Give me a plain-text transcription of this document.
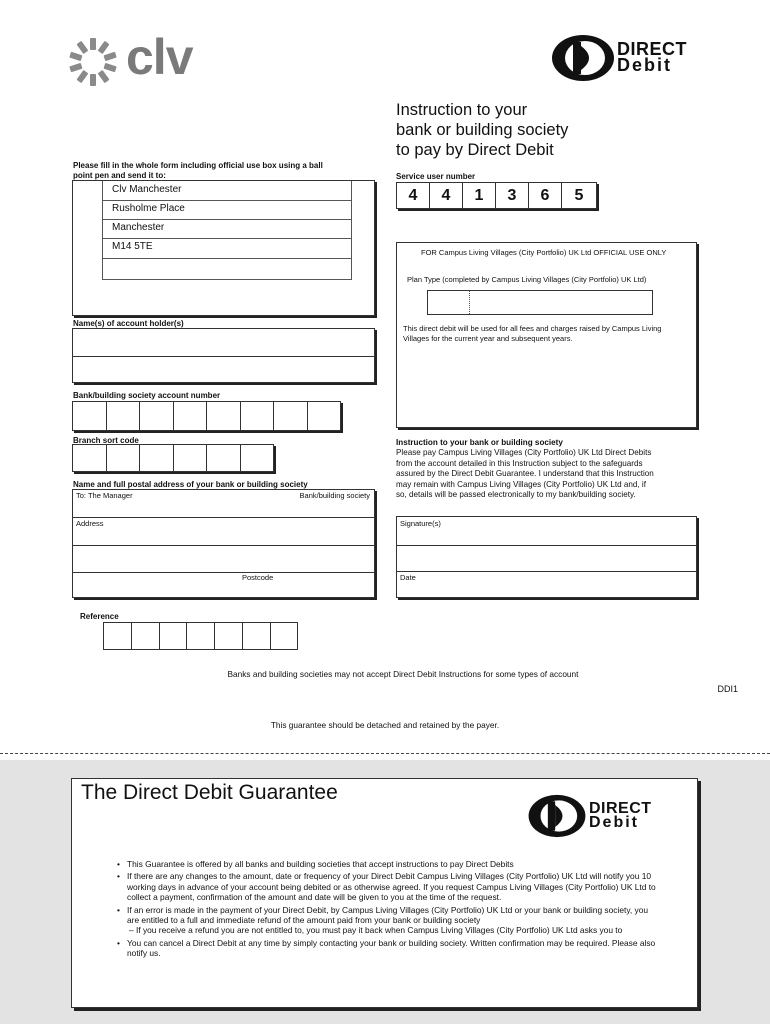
clv	DIRECT
Debit
Instruction to your
bank or building society
to pay by Direct Debit
Please fill in the whole form including official use box using a ball
point pen and send it to:
Clv Manchester
Rusholme Place
Manchester
M14 5TE
Service user number
4	4	1	3	6	5
FOR Campus Living Villages (City Portfolio) UK Ltd OFFICIAL USE ONLY
Plan Type (completed by Campus Living Villages (City Portfolio) UK Ltd)
This direct debit will be used for all fees and charges raised by Campus Living
Villages for the current year and subsequent years.
Name(s) of account holder(s)
Bank/building society account number
Branch sort code
Name and full postal address of your bank or building society
To: The Manager	Bank/building society
Address
Postcode
Instruction to your bank or building society
Please pay Campus Living Villages (City Portfolio) UK Ltd Direct Debits
from the account detailed in this Instruction subject to the safeguards
assured by the Direct Debit Guarantee. I understand that this Instruction
may remain with Campus Living Villages (City Portfolio) UK Ltd and, if
so, details will be passed electronically to my bank/building society.
Signature(s)
Date
Reference
Banks and building societies may not accept Direct Debit Instructions for some types of account
DDI1
This guarantee should be detached and retained by the payer.
The Direct Debit Guarantee
DIRECT
Debit
• This Guarantee is offered by all banks and building societies that accept instructions to pay Direct Debits
• If there are any changes to the amount, date or frequency of your Direct Debit Campus Living Villages (City Portfolio) UK Ltd will notify you 10 working days in advance of your account being debited or as otherwise agreed. If you request Campus Living Villages (City Portfolio) UK Ltd to collect a payment, confirmation of the amount and date will be given to you at the time of the request.
• If an error is made in the payment of your Direct Debit, by Campus Living Villages (City Portfolio) UK Ltd or your bank or building society, you are entitled to a full and immediate refund of the amount paid from your bank or building society
– If you receive a refund you are not entitled to, you must pay it back when Campus Living Villages (City Portfolio) UK Ltd asks you to
• You can cancel a Direct Debit at any time by simply contacting your bank or building society. Written confirmation may be required. Please also notify us.
